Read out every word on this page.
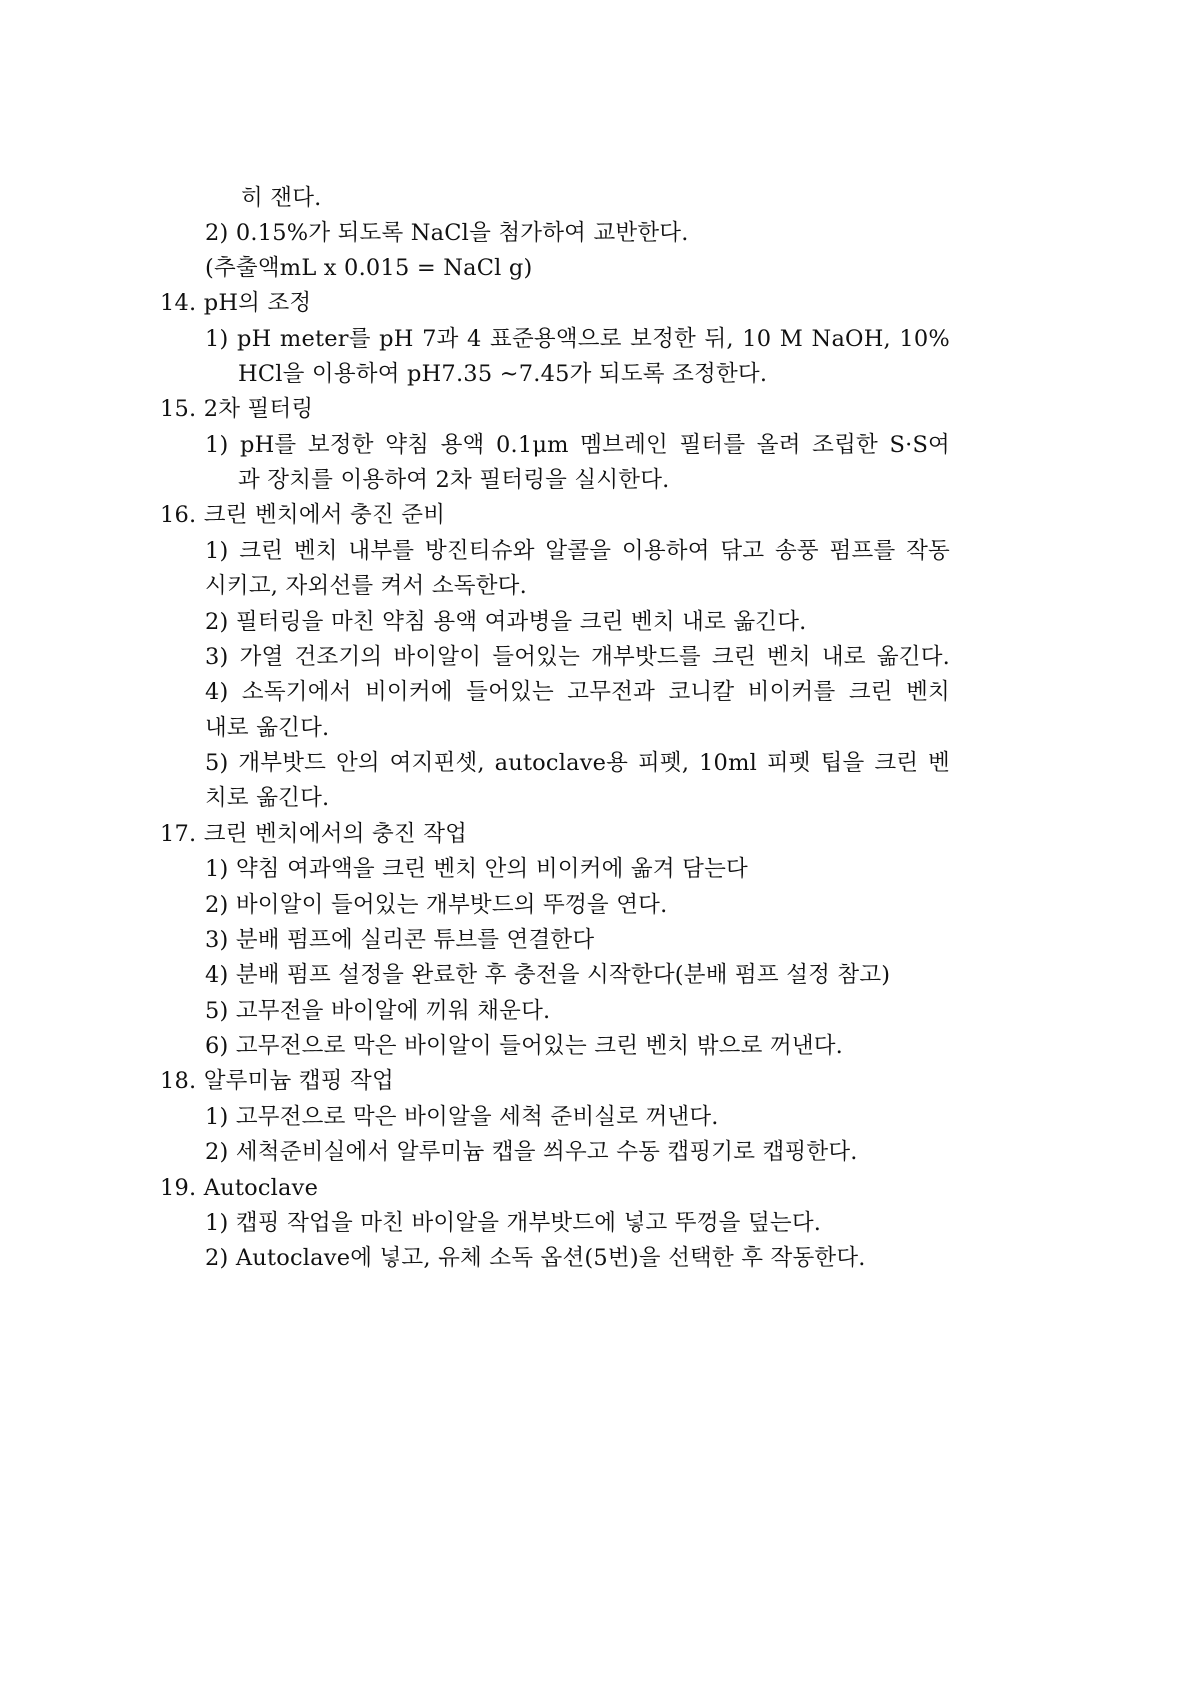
히 잰다.
2) 0.15%가 되도록 NaCl을 첨가하여 교반한다.
(추출액mL x 0.015 = NaCl g)
14. pH의 조정
1) pH meter를 pH 7과 4 표준용액으로 보정한 뒤, 10 M NaOH, 10%
HCl을 이용하여 pH7.35 ~7.45가 되도록 조정한다.
15. 2차 필터링
1) pH를 보정한 약침 용액 0.1μm 멤브레인 필터를 올려 조립한 S·S여
과 장치를 이용하여 2차 필터링을 실시한다.
16. 크린 벤치에서 충진 준비
1) 크린 벤치 내부를 방진티슈와 알콜을 이용하여 닦고 송풍 펌프를 작동
시키고, 자외선를 켜서 소독한다.
2) 필터링을 마친 약침 용액 여과병을 크린 벤치 내로 옮긴다.
3) 가열 건조기의 바이알이 들어있는 개부밧드를 크린 벤치 내로 옮긴다.
4) 소독기에서 비이커에 들어있는 고무전과 코니칼 비이커를 크린 벤치
내로 옮긴다.
5) 개부밧드 안의 여지핀셋, autoclave용 피펫, 10ml 피펫 팁을 크린 벤
치로 옮긴다.
17. 크린 벤치에서의 충진 작업
1) 약침 여과액을 크린 벤치 안의 비이커에 옮겨 담는다
2) 바이알이 들어있는 개부밧드의 뚜껑을 연다.
3) 분배 펌프에 실리콘 튜브를 연결한다
4) 분배 펌프 설정을 완료한 후 충전을 시작한다(분배 펌프 설정 참고)
5) 고무전을 바이알에 끼워 채운다.
6) 고무전으로 막은 바이알이 들어있는 크린 벤치 밖으로 꺼낸다.
18. 알루미늄 캡핑 작업
1) 고무전으로 막은 바이알을 세척 준비실로 꺼낸다.
2) 세척준비실에서 알루미늄 캡을 씌우고 수동 캡핑기로 캡핑한다.
19. Autoclave
1) 캡핑 작업을 마친 바이알을 개부밧드에 넣고 뚜껑을 덮는다.
2) Autoclave에 넣고, 유체 소독 옵션(5번)을 선택한 후 작동한다.
